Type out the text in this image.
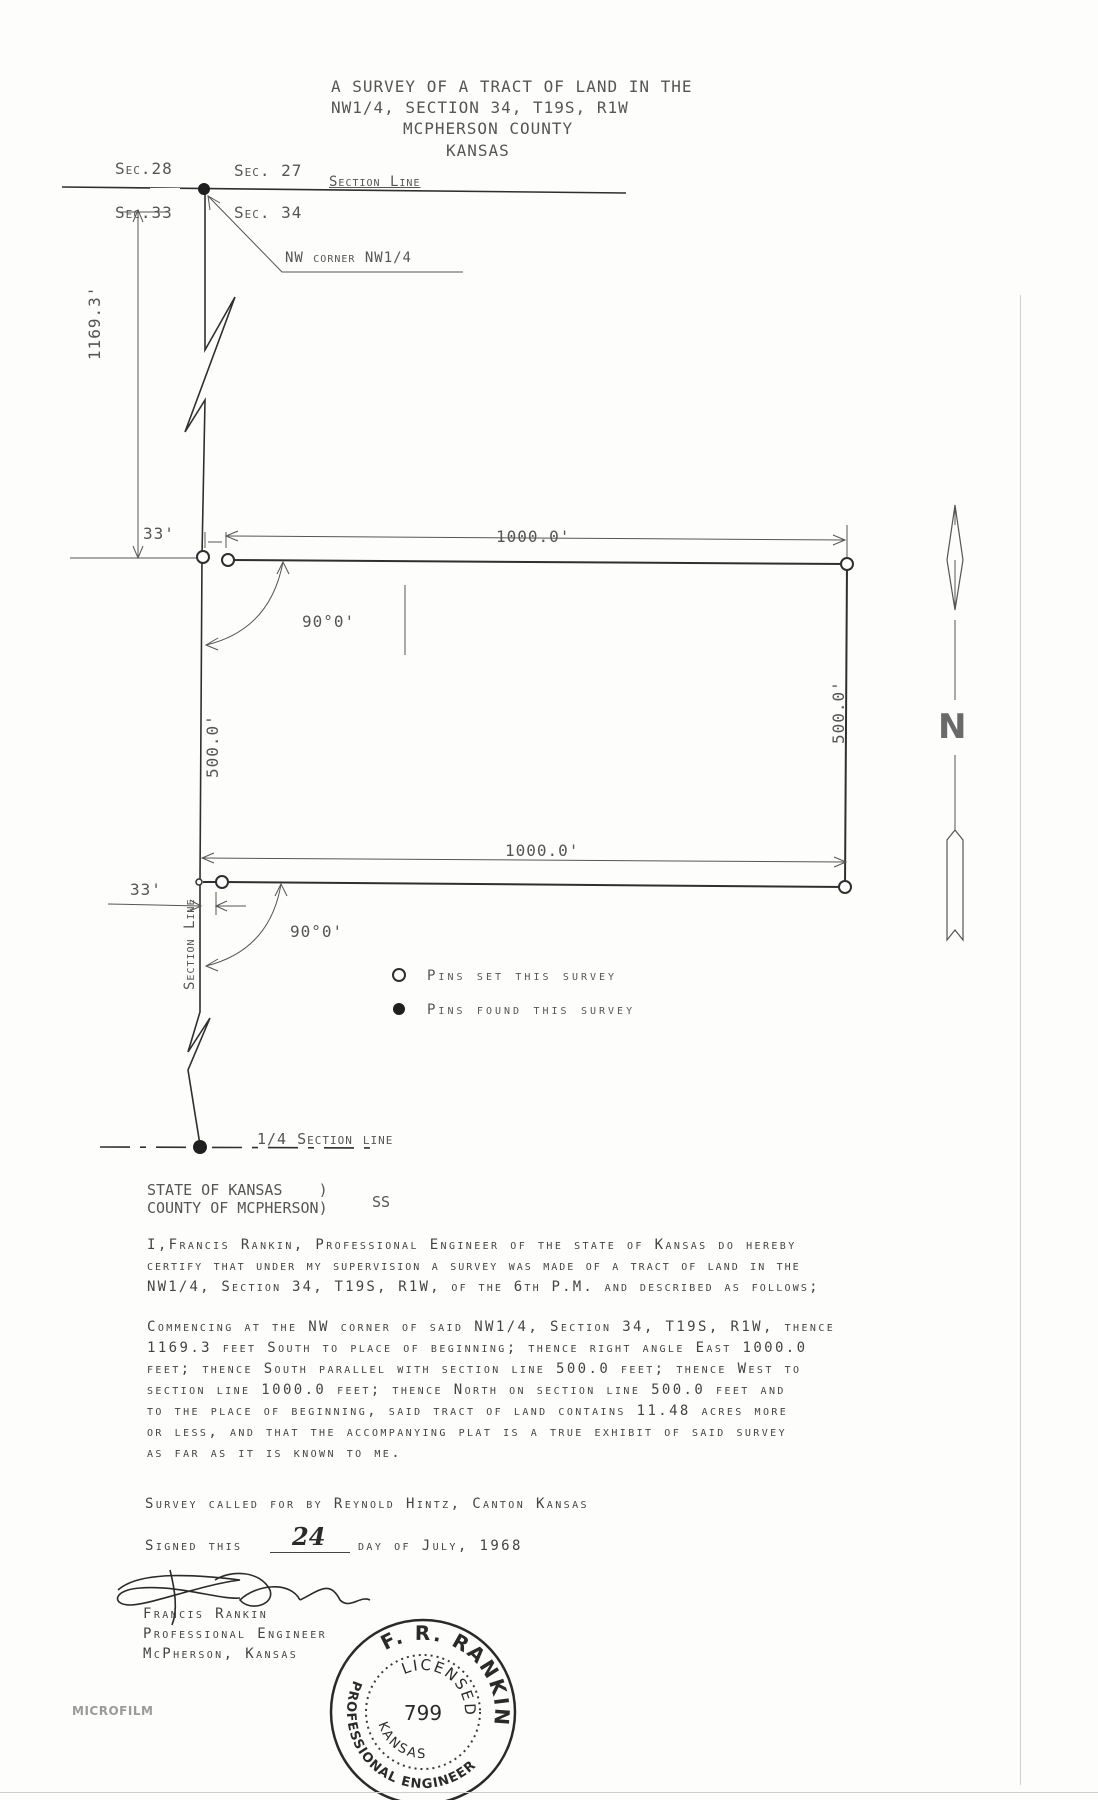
A SURVEY OF A TRACT OF LAND IN THE
NW1/4, SECTION 34, T19S, R1W
MCPHERSON COUNTY
KANSAS
F. R. RANKIN
LICENSED
KANSAS
PROFESSIONAL ENGINEER
799
Sec.28	Sec. 27
Sec.33	Sec. 34
Section Line
NW corner NW1/4
1169.3'
33'	1000.0'
90°0'
500.0'
500.0'
1000.0'
33'
90°0'
Section Line
1/4 Section line
N
Pins set this survey
Pins found this survey
STATE OF KANSAS    )
COUNTY OF MCPHERSON)	SS
I,Francis Rankin, Professional Engineer of the state of Kansas do hereby
certify that under my supervision a survey was made of a tract of land in the
NW1/4, Section 34, T19S, R1W, of the 6th P.M. and described as follows;
Commencing at the NW corner of said NW1/4, Section 34, T19S, R1W, thence
1169.3 feet South to place of beginning; thence right angle East 1000.0
feet; thence South parallel with section line 500.0 feet; thence West to
section line 1000.0 feet; thence North on section line 500.0 feet and
to the place of beginning, said tract of land contains 11.48 acres more
or less, and that the accompanying plat is a true exhibit of said survey
as far as it is known to me.
Survey called for by Reynold Hintz, Canton Kansas
Signed this 24 day of July, 1968
Francis Rankin
Professional Engineer
McPherson, Kansas
MICROFILM
